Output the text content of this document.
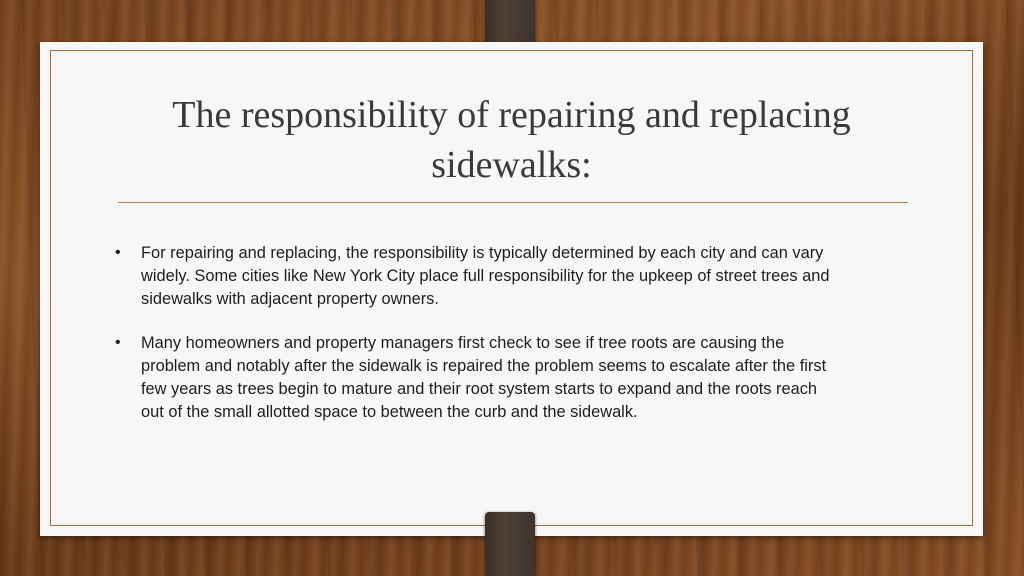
The responsibility of repairing and replacing sidewalks:
•	For repairing and replacing, the responsibility is typically determined by each city and can vary widely. Some cities like New York City place full responsibility for the upkeep of street trees and sidewalks with adjacent property owners.
•	Many homeowners and property managers first check to see if tree roots are causing the problem and notably after the sidewalk is repaired the problem seems to escalate after the first few years as trees begin to mature and their root system starts to expand and the roots reach out of the small allotted space to between the curb and the sidewalk.
